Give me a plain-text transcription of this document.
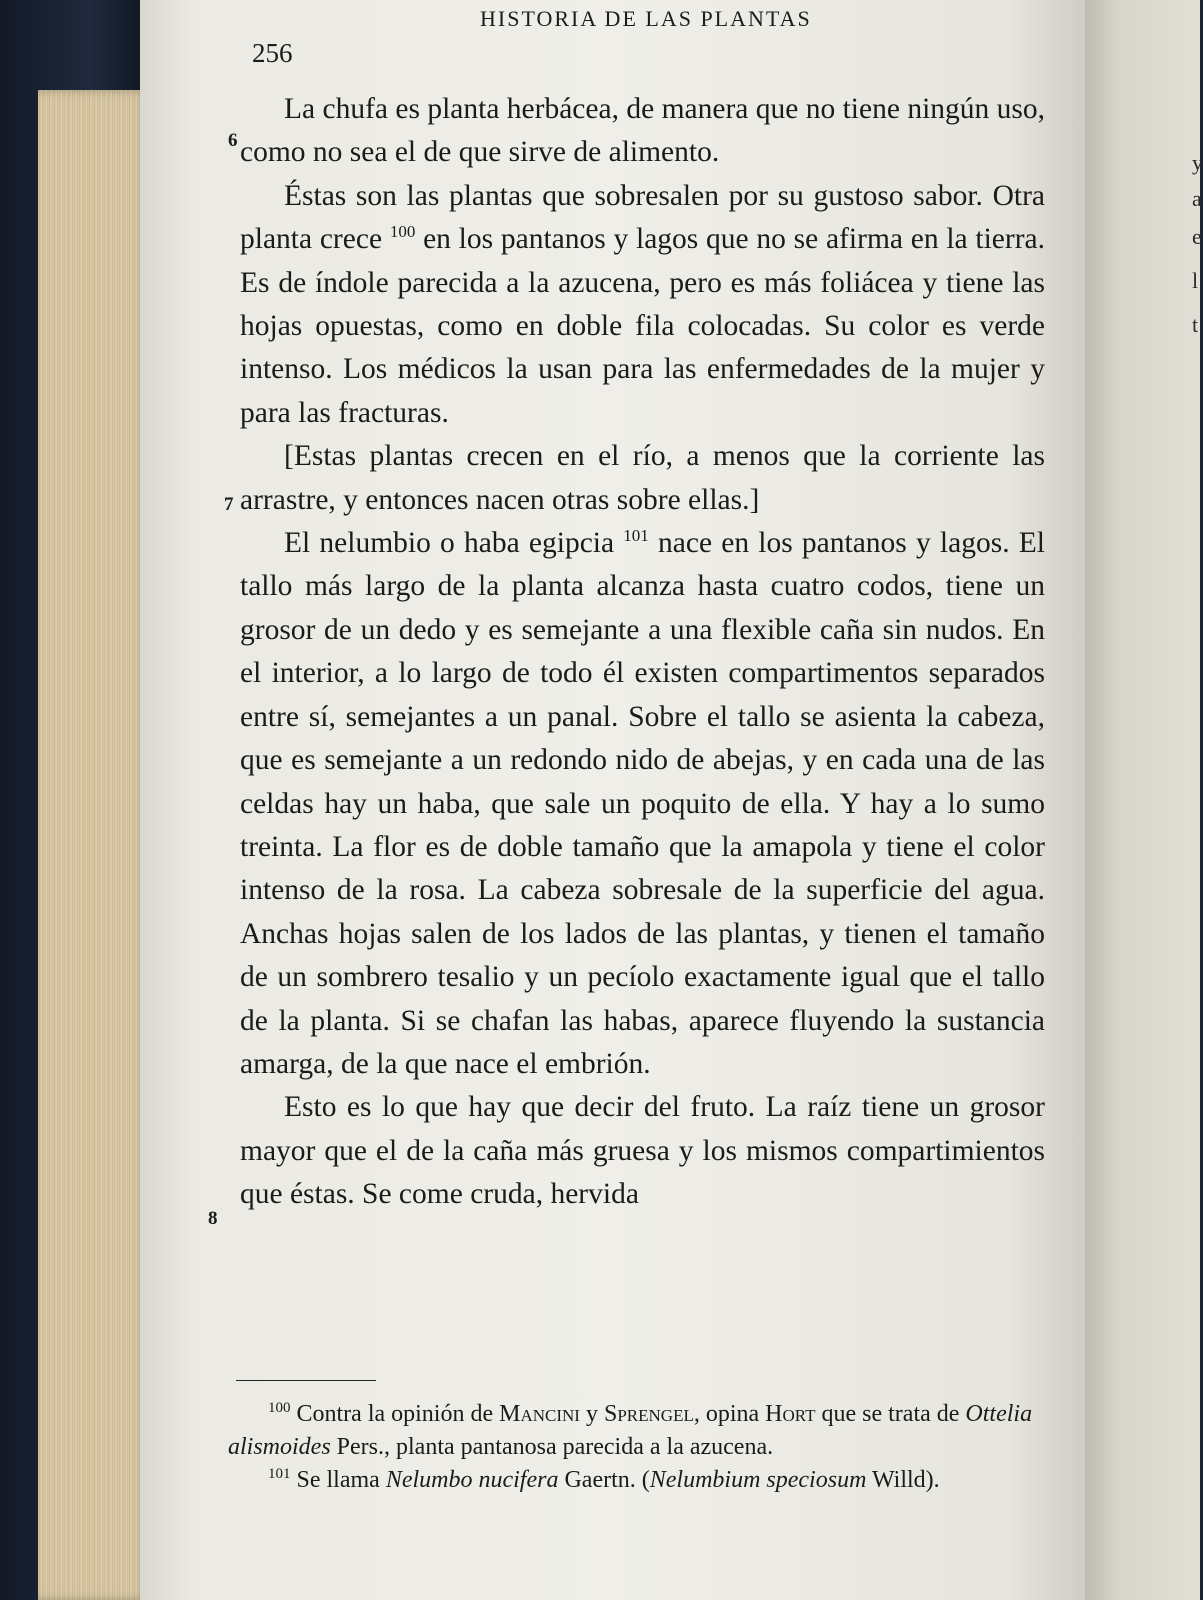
HISTORIA DE LAS PLANTAS
256
6
7
8

La chufa es planta herbácea, de manera que no tiene ningún uso, como no sea el de que sirve de alimento.

Éstas son las plantas que sobresalen por su gustoso sabor. Otra planta crece $^{100}$ en los pantanos y lagos que no se afirma en la tierra. Es de índole parecida a la azucena, pero es más foliácea y tiene las hojas opuestas, como en doble fila colocadas. Su color es verde intenso. Los médicos la usan para las enfermedades de la mujer y para las fracturas.

[Estas plantas crecen en el río, a menos que la corriente las arrastre, y entonces nacen otras sobre ellas.]

El nelumbio o haba egipcia $^{101}$ nace en los pantanos y lagos. El tallo más largo de la planta alcanza hasta cuatro codos, tiene un grosor de un dedo y es semejante a una flexible caña sin nudos. En el interior, a lo largo de todo él existen compartimentos separados entre sí, semejantes a un panal. Sobre el tallo se asienta la cabeza, que es semejante a un redondo nido de abejas, y en cada una de las celdas hay un haba, que sale un poquito de ella. Y hay a lo sumo treinta. La flor es de doble tamaño que la amapola y tiene el color intenso de la rosa. La cabeza sobresale de la superficie del agua. Anchas hojas salen de los lados de las plantas, y tienen el tamaño de un sombrero tesalio y un pecíolo exactamente igual que el tallo de la planta. Si se chafan las habas, aparece fluyendo la sustancia amarga, de la que nace el embrión.

Esto es lo que hay que decir del fruto. La raíz tiene un grosor mayor que el de la caña más gruesa y los mismos compartimientos que éstas. Se come cruda, hervida

$^{100}$ Contra la opinión de Mancini y Sprengel, opina Hort que se trata de Ottelia alismoides Pers., planta pantanosa parecida a la azucena.

$^{101}$ Se llama Nelumbo nucifera Gaertn. (Nelumbium speciosum Willd).

y
a
e
l
t
